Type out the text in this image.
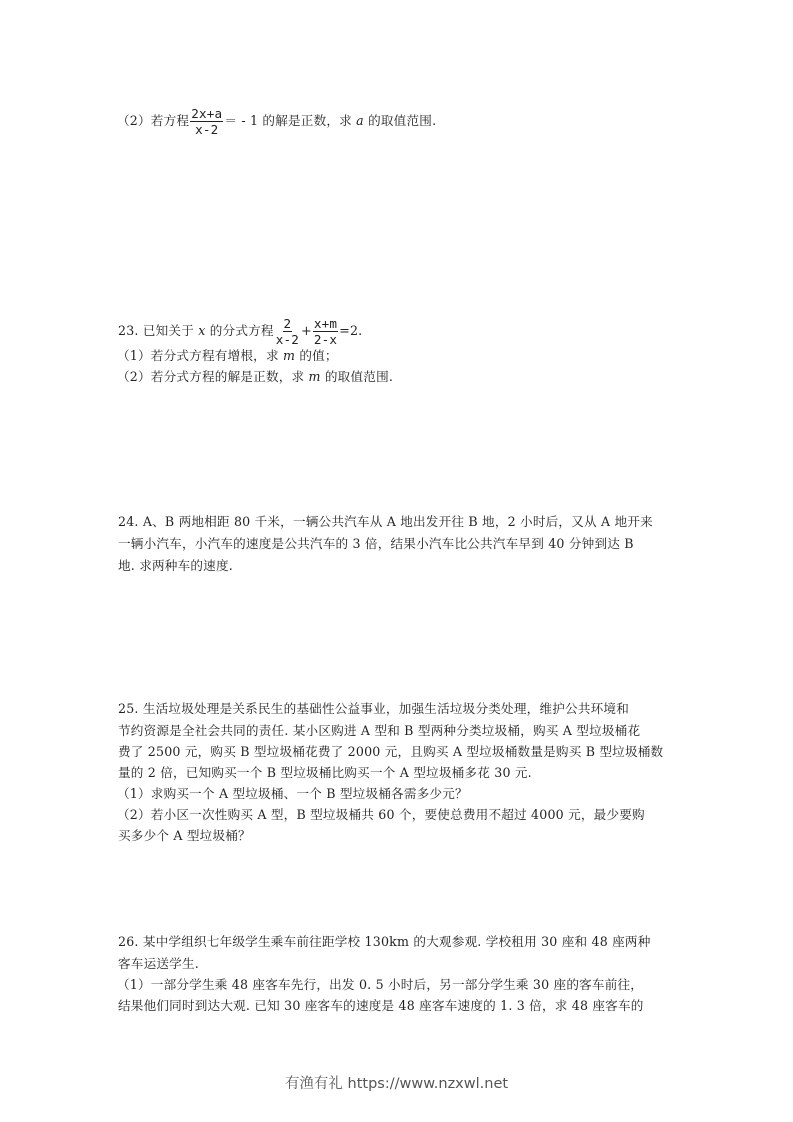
（2）若方程 $\frac{2x+a}{x-2}$ ＝ - 1 的解是正数，求 a 的取值范围.
23. 已知关于 x 的分式方程 $\frac{2}{x-2} + \frac{x+m}{2-x} =2$.
（1）若分式方程有增根，求 m 的值；
（2）若分式方程的解是正数，求 m 的取值范围.
24. A、B 两地相距 80 千米，一辆公共汽车从 A 地出发开往 B 地，2 小时后，又从 A 地开来
一辆小汽车，小汽车的速度是公共汽车的 3 倍，结果小汽车比公共汽车早到 40 分钟到达 B
地. 求两种车的速度.
25. 生活垃圾处理是关系民生的基础性公益事业，加强生活垃圾分类处理，维护公共环境和
节约资源是全社会共同的责任. 某小区购进 A 型和 B 型两种分类垃圾桶，购买 A 型垃圾桶花
费了 2500 元，购买 B 型垃圾桶花费了 2000 元，且购买 A 型垃圾桶数量是购买 B 型垃圾桶数
量的 2 倍，已知购买一个 B 型垃圾桶比购买一个 A 型垃圾桶多花 30 元.
（1）求购买一个 A 型垃圾桶、一个 B 型垃圾桶各需多少元？
（2）若小区一次性购买 A 型，B 型垃圾桶共 60 个，要使总费用不超过 4000 元，最少要购
买多少个 A 型垃圾桶？
26. 某中学组织七年级学生乘车前往距学校 130km 的大观参观. 学校租用 30 座和 48 座两种
客车运送学生.
（1）一部分学生乘 48 座客车先行，出发 0. 5 小时后，另一部分学生乘 30 座的客车前往，
结果他们同时到达大观. 已知 30 座客车的速度是 48 座客车速度的 1. 3 倍，求 48 座客车的
有渔有礼 https://www.nzxwl.net
